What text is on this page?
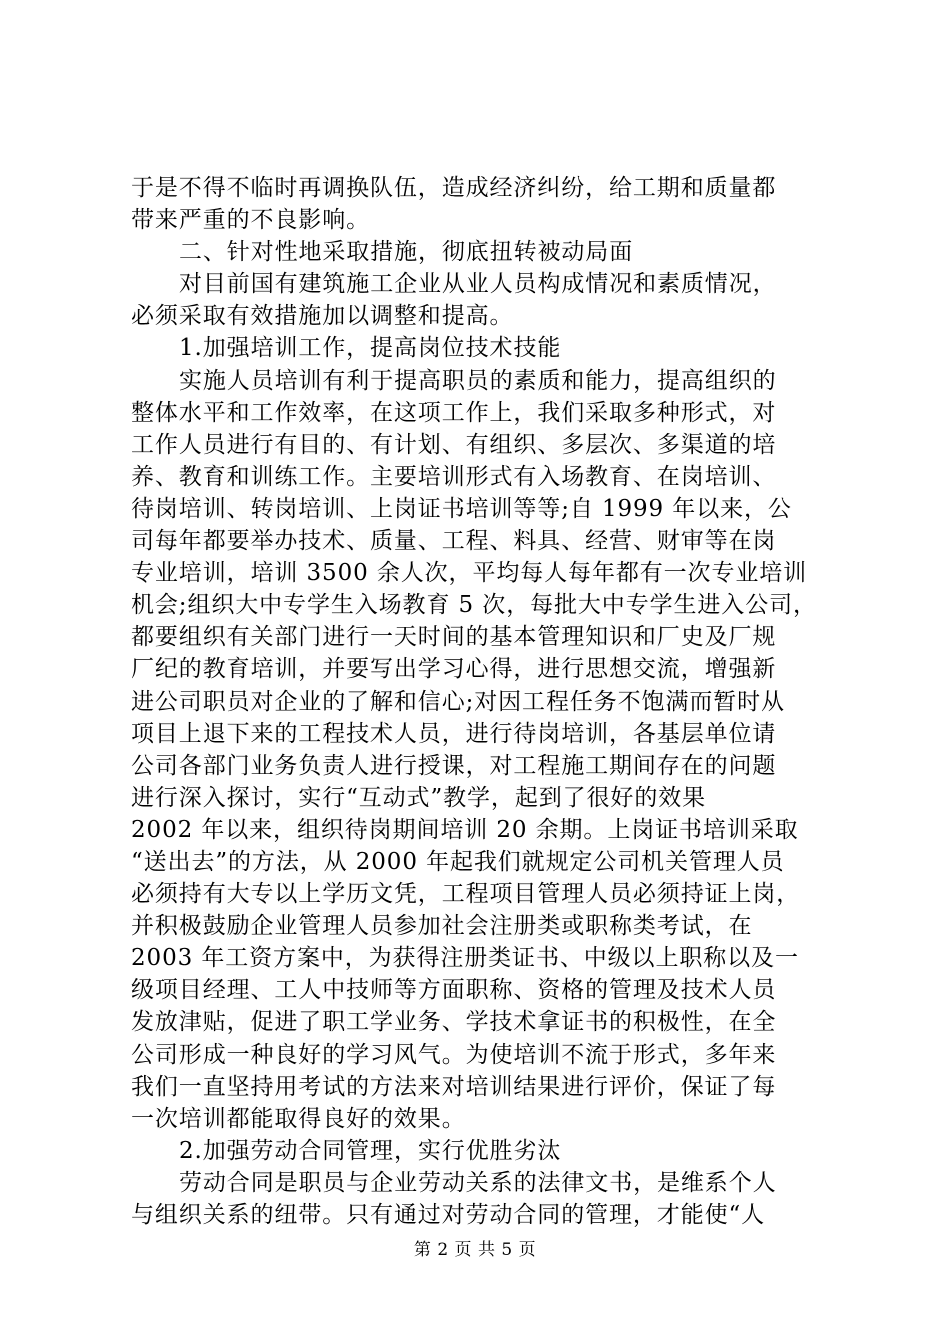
于是不得不临时再调换队伍，造成经济纠纷，给工期和质量都
带来严重的不良影响。
二、针对性地采取措施，彻底扭转被动局面
对目前国有建筑施工企业从业人员构成情况和素质情况，
必须采取有效措施加以调整和提高。
1.加强培训工作，提高岗位技术技能
实施人员培训有利于提高职员的素质和能力，提高组织的
整体水平和工作效率，在这项工作上，我们采取多种形式，对
工作人员进行有目的、有计划、有组织、多层次、多渠道的培
养、教育和训练工作。主要培训形式有入场教育、在岗培训、
待岗培训、转岗培训、上岗证书培训等等;自 1999 年以来，公
司每年都要举办技术、质量、工程、料具、经营、财审等在岗
专业培训，培训 3500 余人次，平均每人每年都有一次专业培训
机会;组织大中专学生入场教育 5 次，每批大中专学生进入公司，
都要组织有关部门进行一天时间的基本管理知识和厂史及厂规
厂纪的教育培训，并要写出学习心得，进行思想交流，增强新
进公司职员对企业的了解和信心;对因工程任务不饱满而暂时从
项目上退下来的工程技术人员，进行待岗培训，各基层单位请
公司各部门业务负责人进行授课，对工程施工期间存在的问题
进行深入探讨，实行“互动式”教学，起到了很好的效果
2002 年以来，组织待岗期间培训 20 余期。上岗证书培训采取
“送出去”的方法，从 2000 年起我们就规定公司机关管理人员
必须持有大专以上学历文凭，工程项目管理人员必须持证上岗，
并积极鼓励企业管理人员参加社会注册类或职称类考试，在
2003 年工资方案中，为获得注册类证书、中级以上职称以及一
级项目经理、工人中技师等方面职称、资格的管理及技术人员
发放津贴，促进了职工学业务、学技术拿证书的积极性，在全
公司形成一种良好的学习风气。为使培训不流于形式，多年来
我们一直坚持用考试的方法来对培训结果进行评价，保证了每
一次培训都能取得良好的效果。
2.加强劳动合同管理，实行优胜劣汰
劳动合同是职员与企业劳动关系的法律文书，是维系个人
与组织关系的纽带。只有通过对劳动合同的管理，才能使“人
第 2 页 共 5 页
